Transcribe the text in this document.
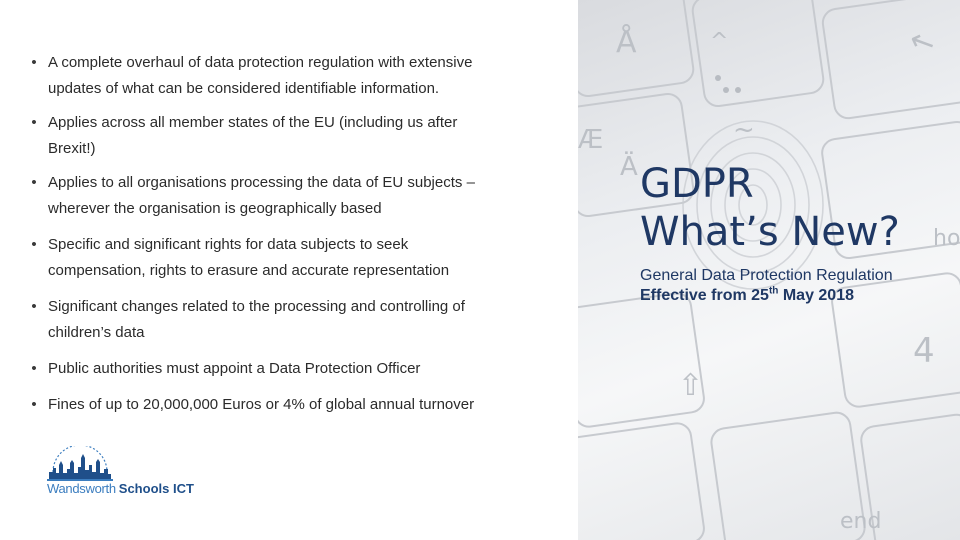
• A complete overhaul of data protection regulation with extensive
updates of what can be considered identifiable information.
• Applies across all member states of the EU (including us after
Brexit!)
• Applies to all organisations processing the data of EU subjects –
wherever the organisation is geographically based
• Specific and significant rights for data subjects to seek
compensation, rights to erasure and accurate representation
• Significant changes related to the processing and controlling of
children’s data
• Public authorities must appoint a Data Protection Officer
• Fines of up to 20,000,000 Euros or 4% of global annual turnover
Wandsworth Schools ICT
Å	^	←
Æ	~
Ä
ho
4
⇧
end
GDPR
What’s New?
General Data Protection Regulation
Effective from 25th May 2018
